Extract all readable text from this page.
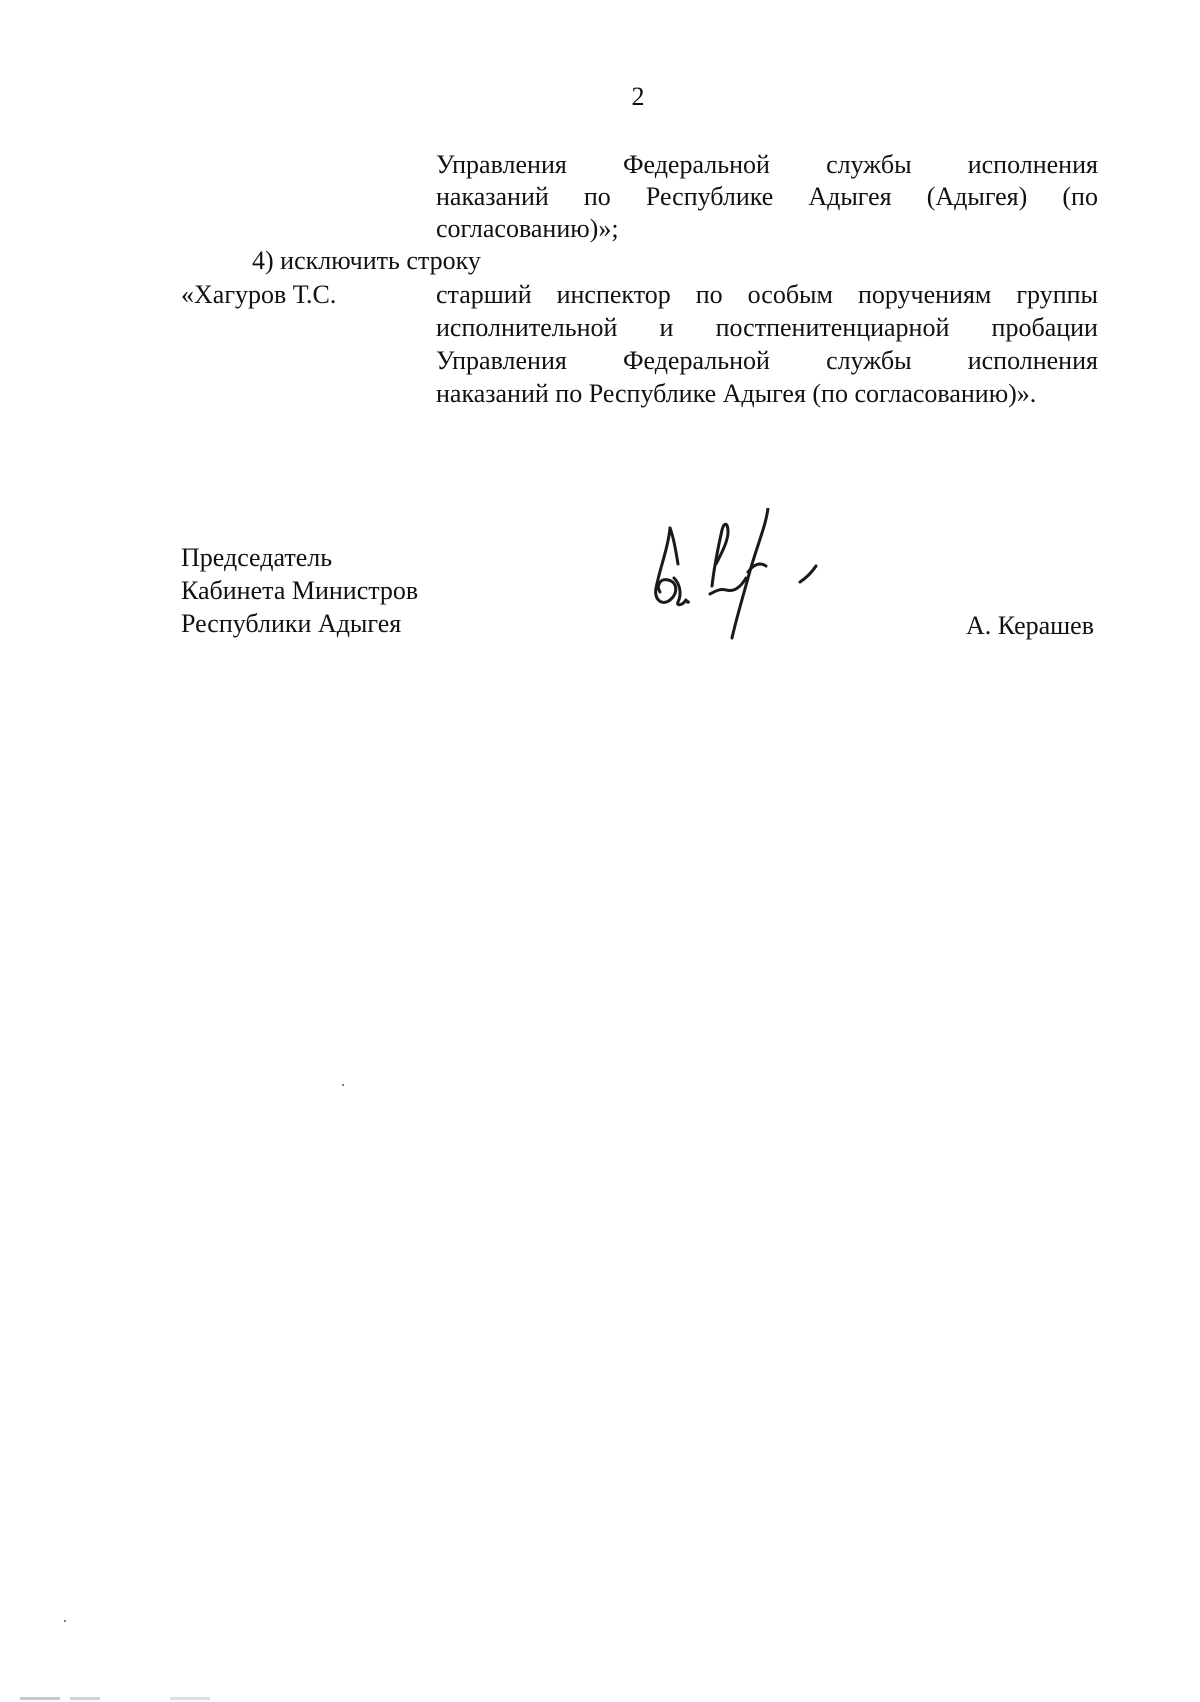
2
Управления Федеральной службы исполнения
наказаний по Республике Адыгея (Адыгея) (по
согласованию)»;
4) исключить строку
«Хагуров Т.С.	старший инспектор по особым поручениям группы
исполнительной и постпенитенциарной пробации
Управления Федеральной службы исполнения
наказаний по Республике Адыгея (по согласованию)».
Председатель
Кабинета Министров
Республики Адыгея	А. Керашев
